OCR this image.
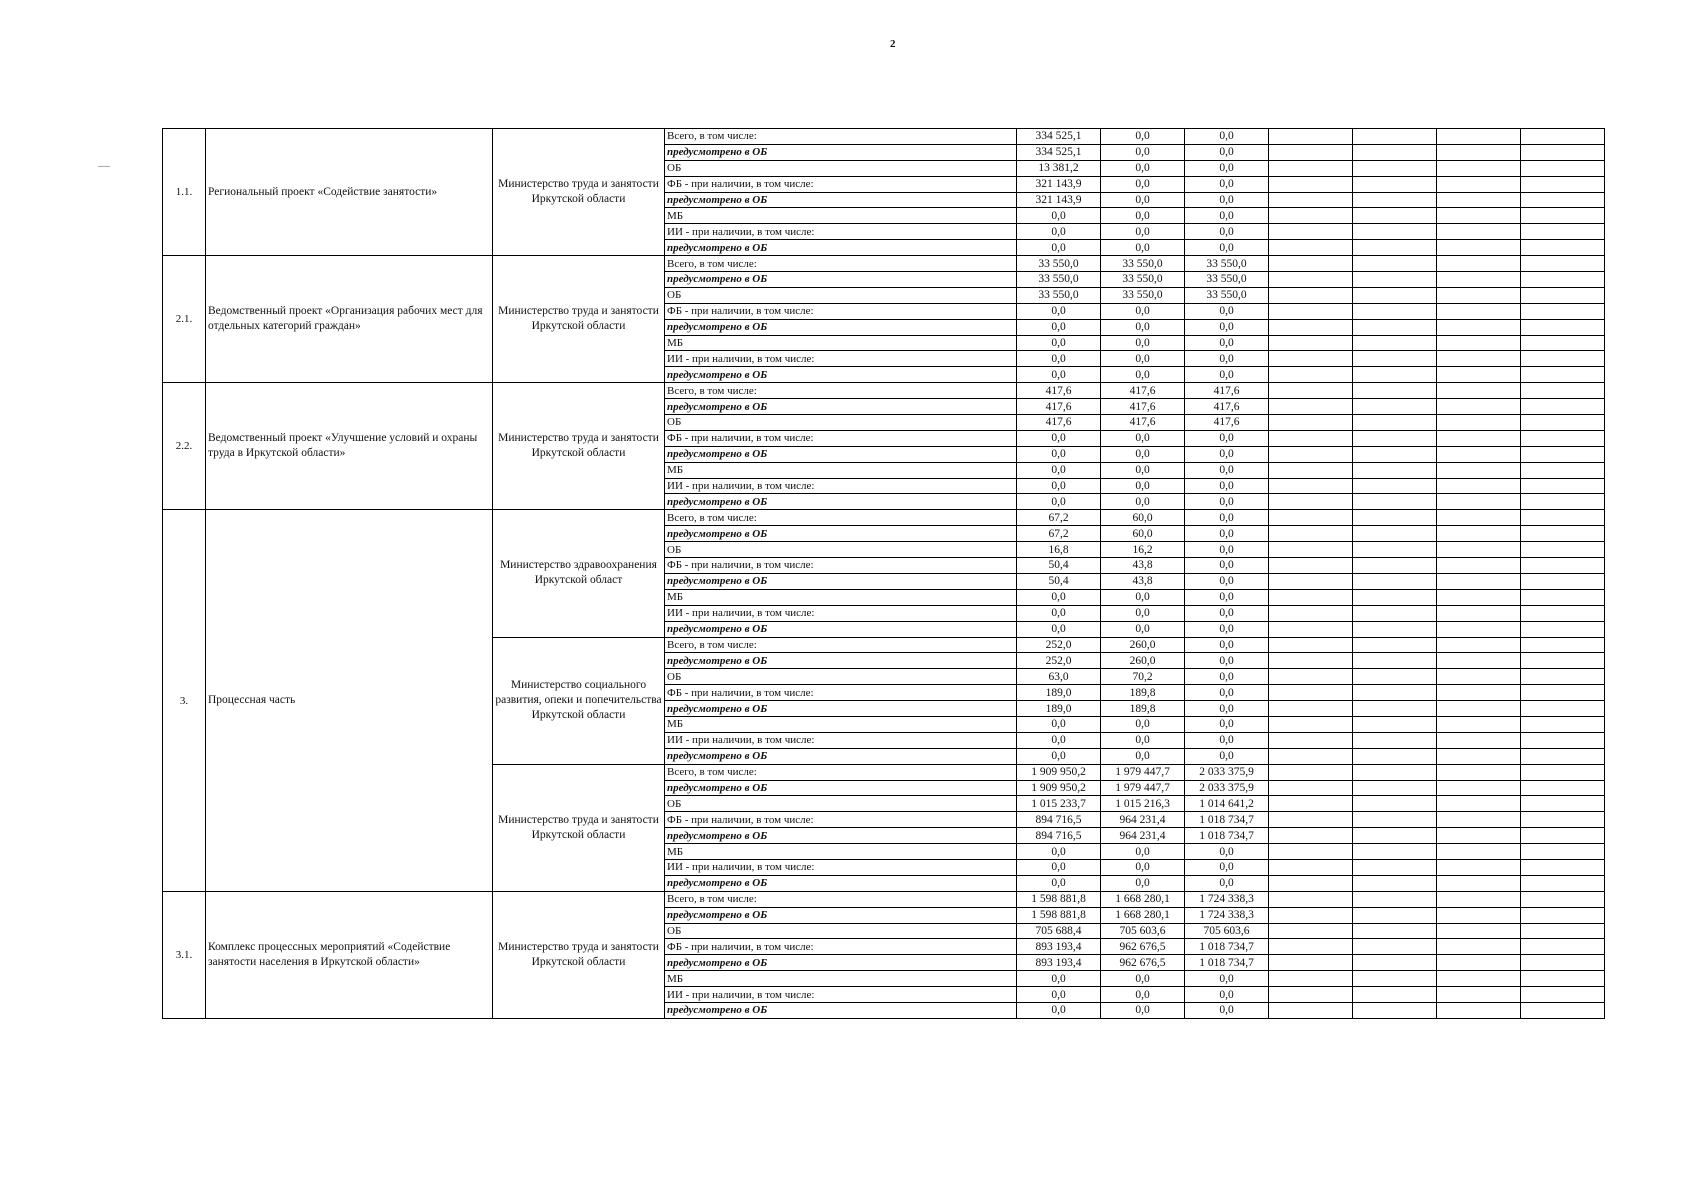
2
1.1.	Региональный проект «Содействие занятости»	Министерство труда и занятости Иркутской области	Всего, в том числе:	334 525,1	0,0	0,0				
			предусмотрено в ОБ	334 525,1	0,0	0,0				
			ОБ	13 381,2	0,0	0,0				
			ФБ - при наличии, в том числе:	321 143,9	0,0	0,0				
			предусмотрено в ОБ	321 143,9	0,0	0,0				
			МБ	0,0	0,0	0,0				
			ИИ - при наличии, в том числе:	0,0	0,0	0,0				
			предусмотрено в ОБ	0,0	0,0	0,0				
2.1.	Ведомственный проект «Организация рабочих мест для отдельных категорий граждан»	Министерство труда и занятости Иркутской области	Всего, в том числе:	33 550,0	33 550,0	33 550,0				
			предусмотрено в ОБ	33 550,0	33 550,0	33 550,0				
			ОБ	33 550,0	33 550,0	33 550,0				
			ФБ - при наличии, в том числе:	0,0	0,0	0,0				
			предусмотрено в ОБ	0,0	0,0	0,0				
			МБ	0,0	0,0	0,0				
			ИИ - при наличии, в том числе:	0,0	0,0	0,0				
			предусмотрено в ОБ	0,0	0,0	0,0				
2.2.	Ведомственный проект «Улучшение условий и охраны труда в Иркутской области»	Министерство труда и занятости Иркутской области	Всего, в том числе:	417,6	417,6	417,6				
			предусмотрено в ОБ	417,6	417,6	417,6				
			ОБ	417,6	417,6	417,6				
			ФБ - при наличии, в том числе:	0,0	0,0	0,0				
			предусмотрено в ОБ	0,0	0,0	0,0				
			МБ	0,0	0,0	0,0				
			ИИ - при наличии, в том числе:	0,0	0,0	0,0				
			предусмотрено в ОБ	0,0	0,0	0,0				
3.	Процессная часть	Министерство здравоохранения Иркутской област	Всего, в том числе:	67,2	60,0	0,0				
			предусмотрено в ОБ	67,2	60,0	0,0				
			ОБ	16,8	16,2	0,0				
			ФБ - при наличии, в том числе:	50,4	43,8	0,0				
			предусмотрено в ОБ	50,4	43,8	0,0				
			МБ	0,0	0,0	0,0				
			ИИ - при наличии, в том числе:	0,0	0,0	0,0				
			предусмотрено в ОБ	0,0	0,0	0,0				
		Министерство социального развития, опеки и попечительства Иркутской области	Всего, в том числе:	252,0	260,0	0,0				
			предусмотрено в ОБ	252,0	260,0	0,0				
			ОБ	63,0	70,2	0,0				
			ФБ - при наличии, в том числе:	189,0	189,8	0,0				
			предусмотрено в ОБ	189,0	189,8	0,0				
			МБ	0,0	0,0	0,0				
			ИИ - при наличии, в том числе:	0,0	0,0	0,0				
			предусмотрено в ОБ	0,0	0,0	0,0				
		Министерство труда и занятости Иркутской области	Всего, в том числе:	1 909 950,2	1 979 447,7	2 033 375,9				
			предусмотрено в ОБ	1 909 950,2	1 979 447,7	2 033 375,9				
			ОБ	1 015 233,7	1 015 216,3	1 014 641,2				
			ФБ - при наличии, в том числе:	894 716,5	964 231,4	1 018 734,7				
			предусмотрено в ОБ	894 716,5	964 231,4	1 018 734,7				
			МБ	0,0	0,0	0,0				
			ИИ - при наличии, в том числе:	0,0	0,0	0,0				
			предусмотрено в ОБ	0,0	0,0	0,0				
3.1.	Комплекс процессных мероприятий «Содействие занятости населения в Иркутской области»	Министерство труда и занятости Иркутской области	Всего, в том числе:	1 598 881,8	1 668 280,1	1 724 338,3				
			предусмотрено в ОБ	1 598 881,8	1 668 280,1	1 724 338,3				
			ОБ	705 688,4	705 603,6	705 603,6				
			ФБ - при наличии, в том числе:	893 193,4	962 676,5	1 018 734,7				
			предусмотрено в ОБ	893 193,4	962 676,5	1 018 734,7				
			МБ	0,0	0,0	0,0				
			ИИ - при наличии, в том числе:	0,0	0,0	0,0				
			предусмотрено в ОБ	0,0	0,0	0,0				
